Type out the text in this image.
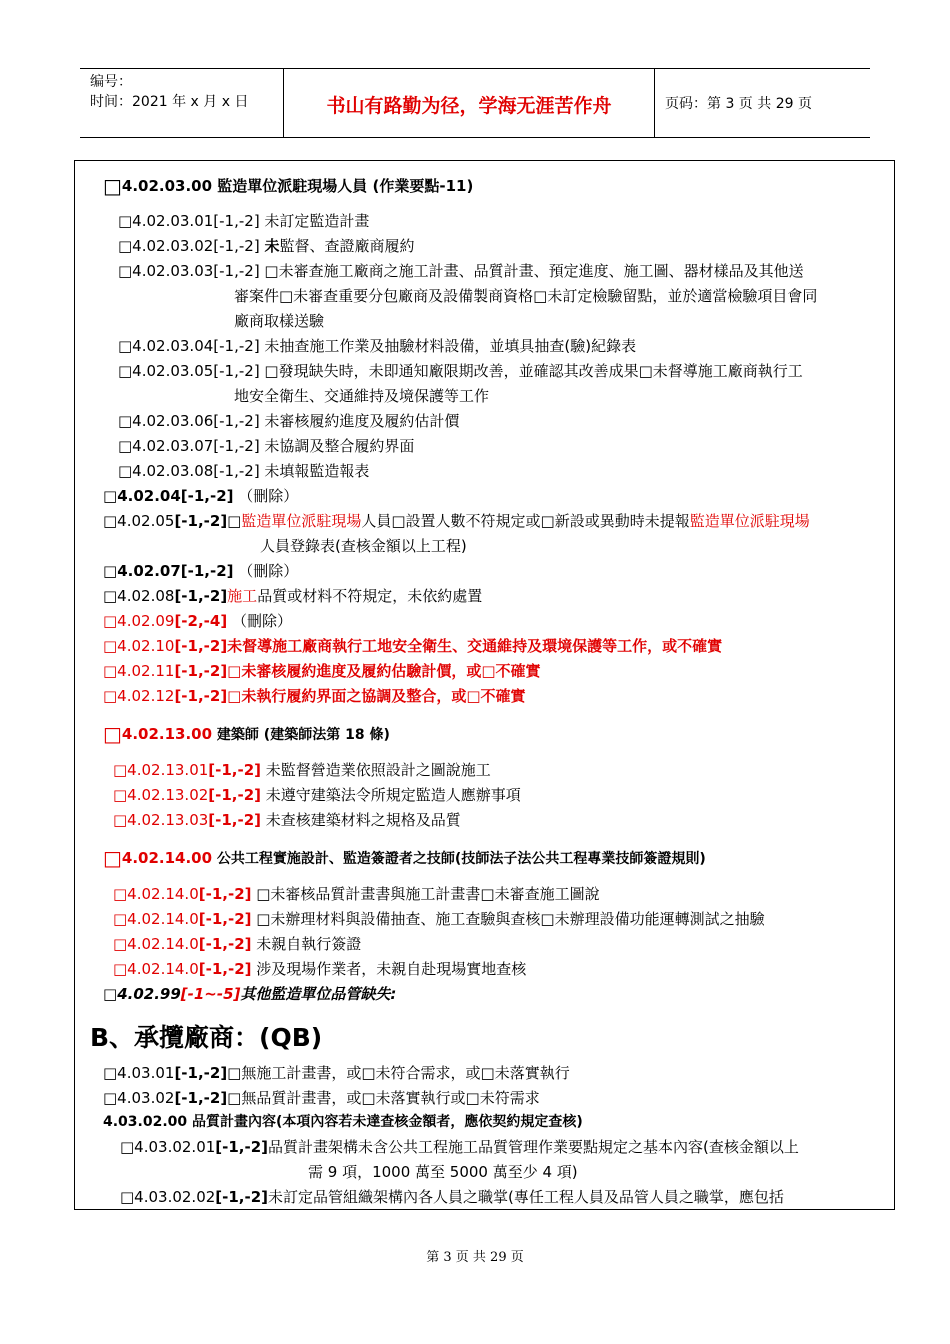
编号：
时间：2021 年 x 月 x 日	书山有路勤为径，学海无涯苦作舟	页码：第 3 页 共 29 页
□4.02.03.00 監造單位派駐現場人員 (作業要點-11)
□4.02.03.01[-1,-2] 未訂定監造計畫
□4.02.03.02[-1,-2] 未監督、查證廠商履約
□4.02.03.03[-1,-2] □未審查施工廠商之施工計畫、品質計畫、預定進度、施工圖、器材樣品及其他送
審案件□未審查重要分包廠商及設備製商資格□未訂定檢驗留點，並於適當檢驗項目會同
廠商取樣送驗
□4.02.03.04[-1,-2] 未抽查施工作業及抽驗材料設備，並填具抽查(驗)紀錄表
□4.02.03.05[-1,-2] □發現缺失時，未即通知廠限期改善，並確認其改善成果□未督導施工廠商執行工
地安全衛生、交通維持及境保護等工作
□4.02.03.06[-1,-2] 未審核履約進度及履約估計價
□4.02.03.07[-1,-2] 未協調及整合履約界面
□4.02.03.08[-1,-2] 未填報監造報表
□4.02.04[-1,-2] （刪除）
□4.02.05[-1,-2]□監造單位派駐現場人員□設置人數不符規定或□新設或異動時未提報監造單位派駐現場
人員登錄表(查核金額以上工程)
□4.02.07[-1,-2] （刪除）
□4.02.08[-1,-2]施工品質或材料不符規定，未依約處置
□4.02.09[-2,-4] （刪除）
□4.02.10[-1,-2]未督導施工廠商執行工地安全衛生、交通維持及環境保護等工作，或不確實
□4.02.11[-1,-2]□未審核履約進度及履約估驗計價，或□不確實
□4.02.12[-1,-2]□未執行履約界面之協調及整合，或□不確實
□4.02.13.00 建築師 (建築師法第 18 條)
□4.02.13.01[-1,-2] 未監督營造業依照設計之圖說施工
□4.02.13.02[-1,-2] 未遵守建築法令所規定監造人應辦事項
□4.02.13.03[-1,-2] 未查核建築材料之規格及品質
□4.02.14.00 公共工程實施設計、監造簽證者之技師(技師法子法公共工程專業技師簽證規則)
□4.02.14.0[-1,-2] □未審核品質計畫書與施工計畫書□未審查施工圖說
□4.02.14.0[-1,-2] □未辦理材料與設備抽查、施工查驗與查核□未辦理設備功能運轉測試之抽驗
□4.02.14.0[-1,-2] 未親自執行簽證
□4.02.14.0[-1,-2] 涉及現場作業者，未親自赴現場實地查核
□4.02.99[-1~-5]其他監造單位品管缺失:
B、承攬廠商：(QB)
□4.03.01[-1,-2]□無施工計畫書，或□未符合需求，或□未落實執行
□4.03.02[-1,-2]□無品質計畫書，或□未落實執行或□未符需求
4.03.02.00 品質計畫內容(本項內容若未達查核金額者，應依契約規定查核)
□4.03.02.01[-1,-2]品質計畫架構未含公共工程施工品質管理作業要點規定之基本內容(查核金額以上
需 9 項，1000 萬至 5000 萬至少 4 項)
□4.03.02.02[-1,-2]未訂定品管組織架構內各人員之職掌(專任工程人員及品管人員之職掌，應包括
第 3 页 共 29 页
